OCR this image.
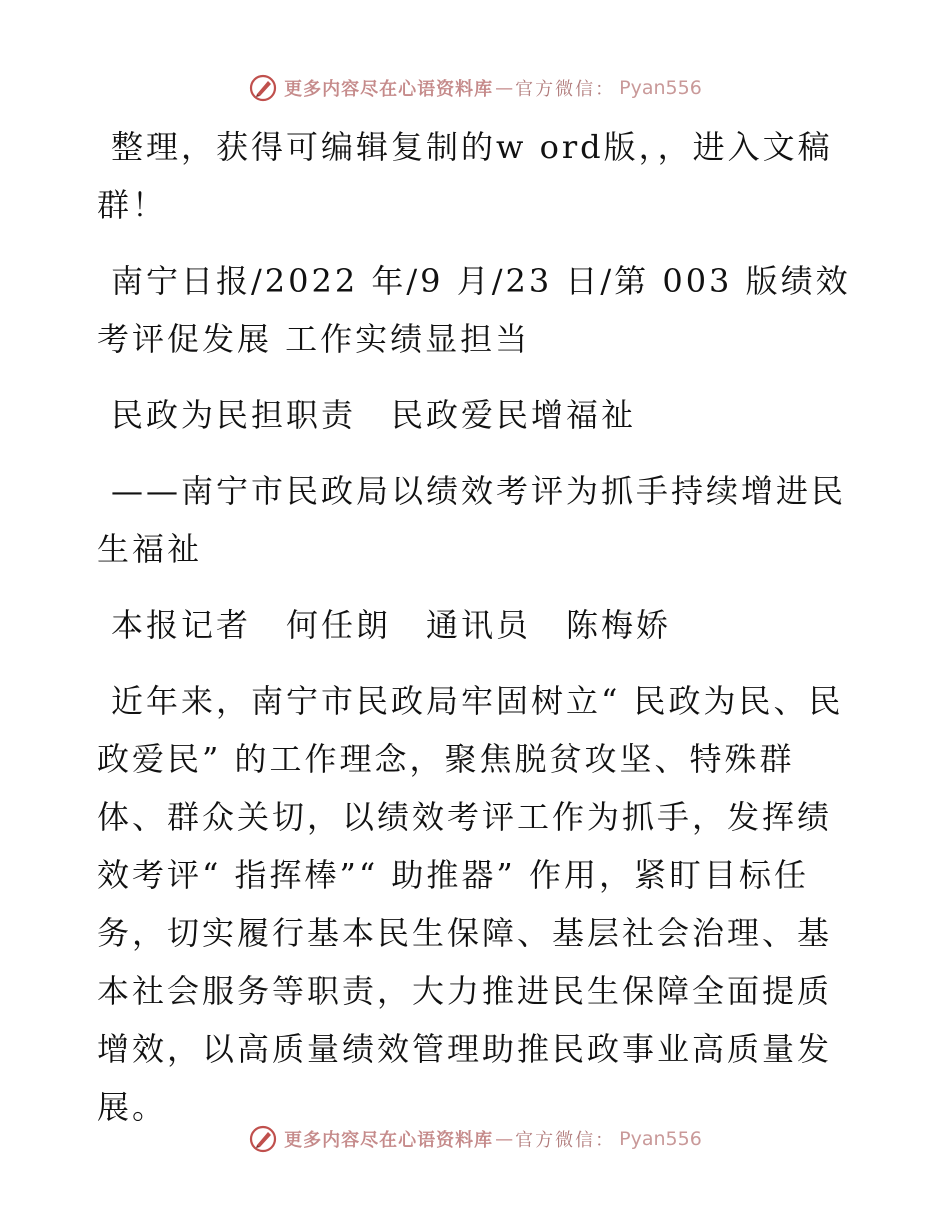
更多内容尽在心语资料库 — 官方微信： Pyan556

整理，获得可编辑复制的w ord版，，进入文稿群！

南宁日报/2022 年/9 月/23 日/第 003 版绩效考评促发展 工作实绩显担当

民政为民担职责　民政爱民增福祉

——南宁市民政局以绩效考评为抓手持续增进民生福祉

本报记者　何任朗　通讯员　陈梅娇

近年来，南宁市民政局牢固树立“ 民政为民、民政爱民” 的工作理念，聚焦脱贫攻坚、特殊群体、群众关切，以绩效考评工作为抓手，发挥绩效考评“ 指挥棒”“ 助推器” 作用，紧盯目标任务，切实履行基本民生保障、基层社会治理、基本社会服务等职责，大力推进民生保障全面提质增效，以高质量绩效管理助推民政事业高质量发展。

更多内容尽在心语资料库 — 官方微信： Pyan556
